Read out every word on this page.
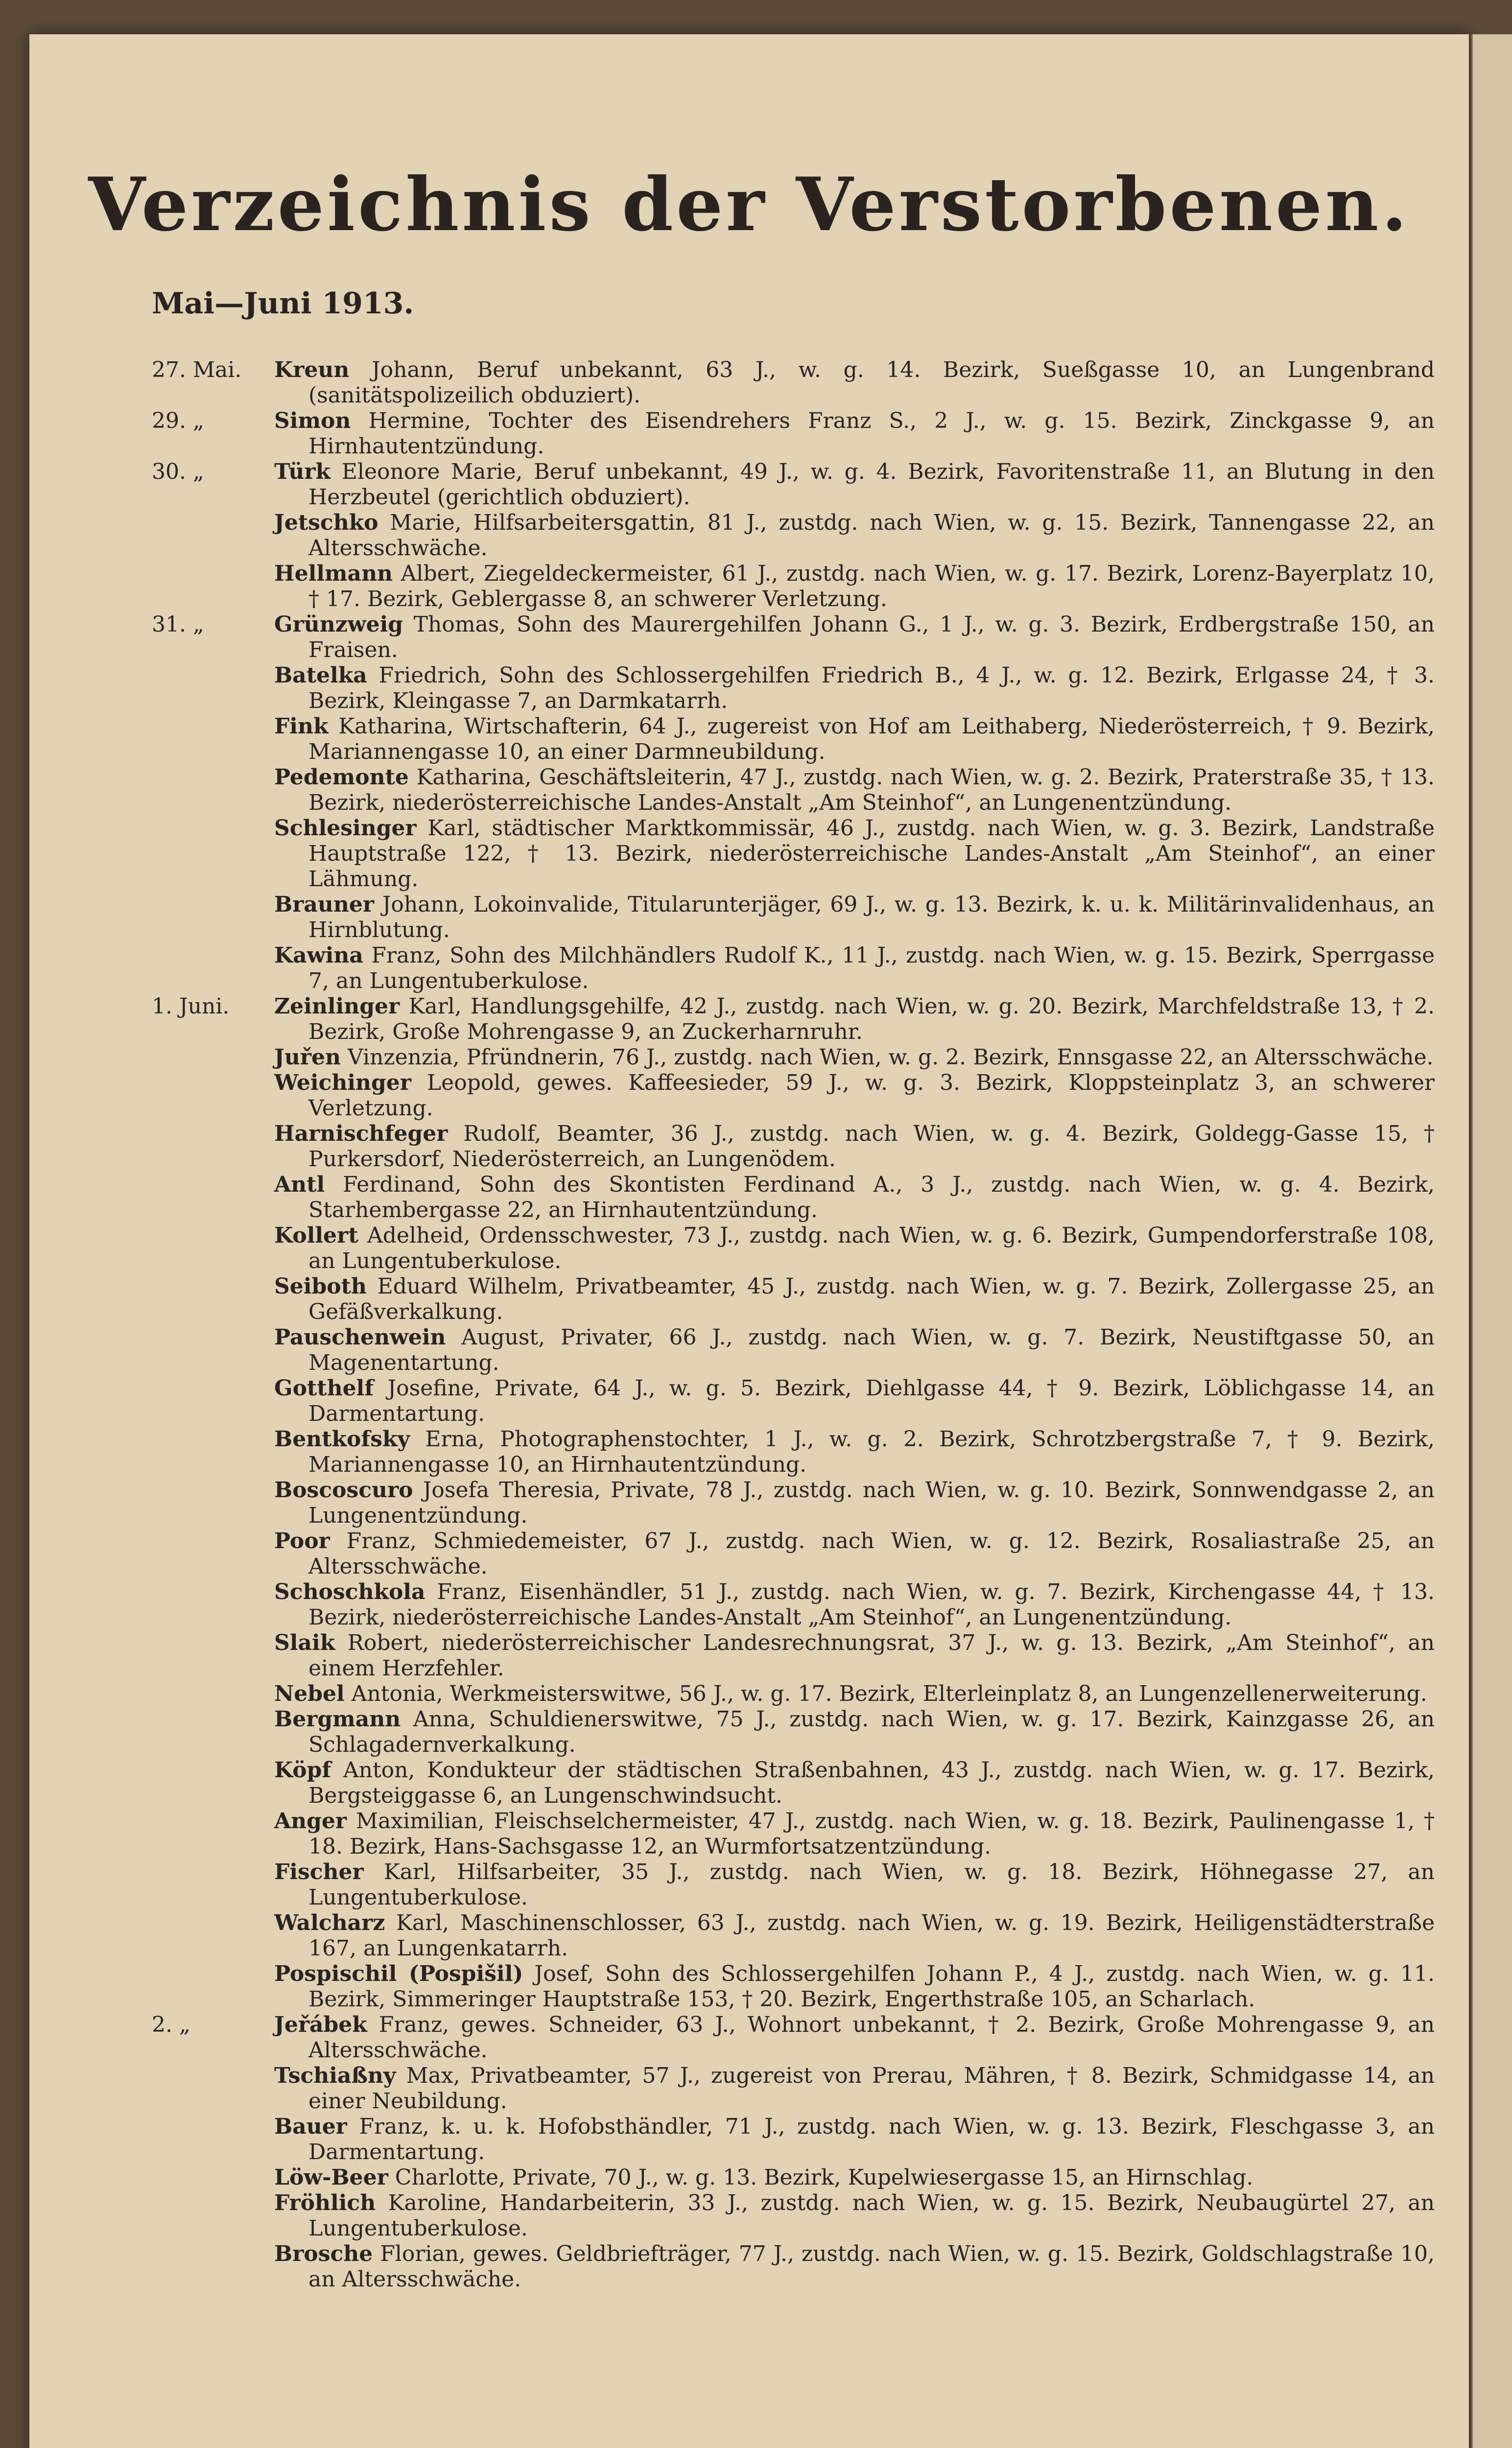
Verzeichnis der Verstorbenen.
Mai—Juni 1913.
27. Mai.	Kreun Johann, Beruf unbekannt, 63 J., w. g. 14. Bezirk, Sueßgasse 10, an Lungenbrand (sanitätspolizeilich obduziert).
29. „	Simon Hermine, Tochter des Eisendrehers Franz S., 2 J., w. g. 15. Bezirk, Zinckgasse 9, an Hirnhautentzündung.
30. „	Türk Eleonore Marie, Beruf unbekannt, 49 J., w. g. 4. Bezirk, Favoritenstraße 11, an Blutung in den Herzbeutel (gerichtlich obduziert).
Jetschko Marie, Hilfsarbeitersgattin, 81 J., zustdg. nach Wien, w. g. 15. Bezirk, Tannengasse 22, an Altersschwäche.
Hellmann Albert, Ziegeldeckermeister, 61 J., zustdg. nach Wien, w. g. 17. Bezirk, Lorenz-Bayerplatz 10, † 17. Bezirk, Geblergasse 8, an schwerer Verletzung.
31. „	Grünzweig Thomas, Sohn des Maurergehilfen Johann G., 1 J., w. g. 3. Bezirk, Erdbergstraße 150, an Fraisen.
Batelka Friedrich, Sohn des Schlossergehilfen Friedrich B., 4 J., w. g. 12. Bezirk, Erlgasse 24, † 3. Bezirk, Kleingasse 7, an Darmkatarrh.
Fink Katharina, Wirtschafterin, 64 J., zugereist von Hof am Leithaberg, Niederösterreich, † 9. Bezirk, Mariannengasse 10, an einer Darmneubildung.
Pedemonte Katharina, Geschäftsleiterin, 47 J., zustdg. nach Wien, w. g. 2. Bezirk, Praterstraße 35, † 13. Bezirk, niederösterreichische Landes-Anstalt „Am Steinhof“, an Lungenentzündung.
Schlesinger Karl, städtischer Marktkommissär, 46 J., zustdg. nach Wien, w. g. 3. Bezirk, Landstraße Hauptstraße 122, † 13. Bezirk, niederösterreichische Landes-Anstalt „Am Steinhof“, an einer Lähmung.
Brauner Johann, Lokoinvalide, Titularunterjäger, 69 J., w. g. 13. Bezirk, k. u. k. Militärinvalidenhaus, an Hirnblutung.
Kawina Franz, Sohn des Milchhändlers Rudolf K., 11 J., zustdg. nach Wien, w. g. 15. Bezirk, Sperrgasse 7, an Lungentuberkulose.
1. Juni.	Zeinlinger Karl, Handlungsgehilfe, 42 J., zustdg. nach Wien, w. g. 20. Bezirk, Marchfeldstraße 13, † 2. Bezirk, Große Mohrengasse 9, an Zuckerharnruhr.
Juřen Vinzenzia, Pfründnerin, 76 J., zustdg. nach Wien, w. g. 2. Bezirk, Ennsgasse 22, an Altersschwäche.
Weichinger Leopold, gewes. Kaffeesieder, 59 J., w. g. 3. Bezirk, Kloppsteinplatz 3, an schwerer Verletzung.
Harnischfeger Rudolf, Beamter, 36 J., zustdg. nach Wien, w. g. 4. Bezirk, Goldegg-Gasse 15, † Purkersdorf, Niederösterreich, an Lungenödem.
Antl Ferdinand, Sohn des Skontisten Ferdinand A., 3 J., zustdg. nach Wien, w. g. 4. Bezirk, Starhembergasse 22, an Hirnhautentzündung.
Kollert Adelheid, Ordensschwester, 73 J., zustdg. nach Wien, w. g. 6. Bezirk, Gumpendorferstraße 108, an Lungentuberkulose.
Seiboth Eduard Wilhelm, Privatbeamter, 45 J., zustdg. nach Wien, w. g. 7. Bezirk, Zollergasse 25, an Gefäßverkalkung.
Pauschenwein August, Privater, 66 J., zustdg. nach Wien, w. g. 7. Bezirk, Neustiftgasse 50, an Magenentartung.
Gotthelf Josefine, Private, 64 J., w. g. 5. Bezirk, Diehlgasse 44, † 9. Bezirk, Löblichgasse 14, an Darmentartung.
Bentkofsky Erna, Photographenstochter, 1 J., w. g. 2. Bezirk, Schrotzbergstraße 7, † 9. Bezirk, Mariannengasse 10, an Hirnhautentzündung.
Boscoscuro Josefa Theresia, Private, 78 J., zustdg. nach Wien, w. g. 10. Bezirk, Sonnwendgasse 2, an Lungenentzündung.
Poor Franz, Schmiedemeister, 67 J., zustdg. nach Wien, w. g. 12. Bezirk, Rosaliastraße 25, an Altersschwäche.
Schoschkola Franz, Eisenhändler, 51 J., zustdg. nach Wien, w. g. 7. Bezirk, Kirchengasse 44, † 13. Bezirk, niederösterreichische Landes-Anstalt „Am Steinhof“, an Lungenentzündung.
Slaik Robert, niederösterreichischer Landesrechnungsrat, 37 J., w. g. 13. Bezirk, „Am Steinhof“, an einem Herzfehler.
Nebel Antonia, Werkmeisterswitwe, 56 J., w. g. 17. Bezirk, Elterleinplatz 8, an Lungenzellenerweiterung.
Bergmann Anna, Schuldienerswitwe, 75 J., zustdg. nach Wien, w. g. 17. Bezirk, Kainzgasse 26, an Schlagadernverkalkung.
Köpf Anton, Kondukteur der städtischen Straßenbahnen, 43 J., zustdg. nach Wien, w. g. 17. Bezirk, Bergsteiggasse 6, an Lungenschwindsucht.
Anger Maximilian, Fleischselchermeister, 47 J., zustdg. nach Wien, w. g. 18. Bezirk, Paulinengasse 1, † 18. Bezirk, Hans-Sachsgasse 12, an Wurmfortsatzentzündung.
Fischer Karl, Hilfsarbeiter, 35 J., zustdg. nach Wien, w. g. 18. Bezirk, Höhnegasse 27, an Lungentuberkulose.
Walcharz Karl, Maschinenschlosser, 63 J., zustdg. nach Wien, w. g. 19. Bezirk, Heiligenstädterstraße 167, an Lungenkatarrh.
Pospischil (Pospišil) Josef, Sohn des Schlossergehilfen Johann P., 4 J., zustdg. nach Wien, w. g. 11. Bezirk, Simmeringer Hauptstraße 153, † 20. Bezirk, Engerthstraße 105, an Scharlach.
2. „	Jeřábek Franz, gewes. Schneider, 63 J., Wohnort unbekannt, † 2. Bezirk, Große Mohrengasse 9, an Altersschwäche.
Tschiaßny Max, Privatbeamter, 57 J., zugereist von Prerau, Mähren, † 8. Bezirk, Schmidgasse 14, an einer Neubildung.
Bauer Franz, k. u. k. Hofobsthändler, 71 J., zustdg. nach Wien, w. g. 13. Bezirk, Fleschgasse 3, an Darmentartung.
Löw-Beer Charlotte, Private, 70 J., w. g. 13. Bezirk, Kupelwiesergasse 15, an Hirnschlag.
Fröhlich Karoline, Handarbeiterin, 33 J., zustdg. nach Wien, w. g. 15. Bezirk, Neubaugürtel 27, an Lungentuberkulose.
Brosche Florian, gewes. Geldbriefträger, 77 J., zustdg. nach Wien, w. g. 15. Bezirk, Goldschlagstraße 10, an Altersschwäche.
